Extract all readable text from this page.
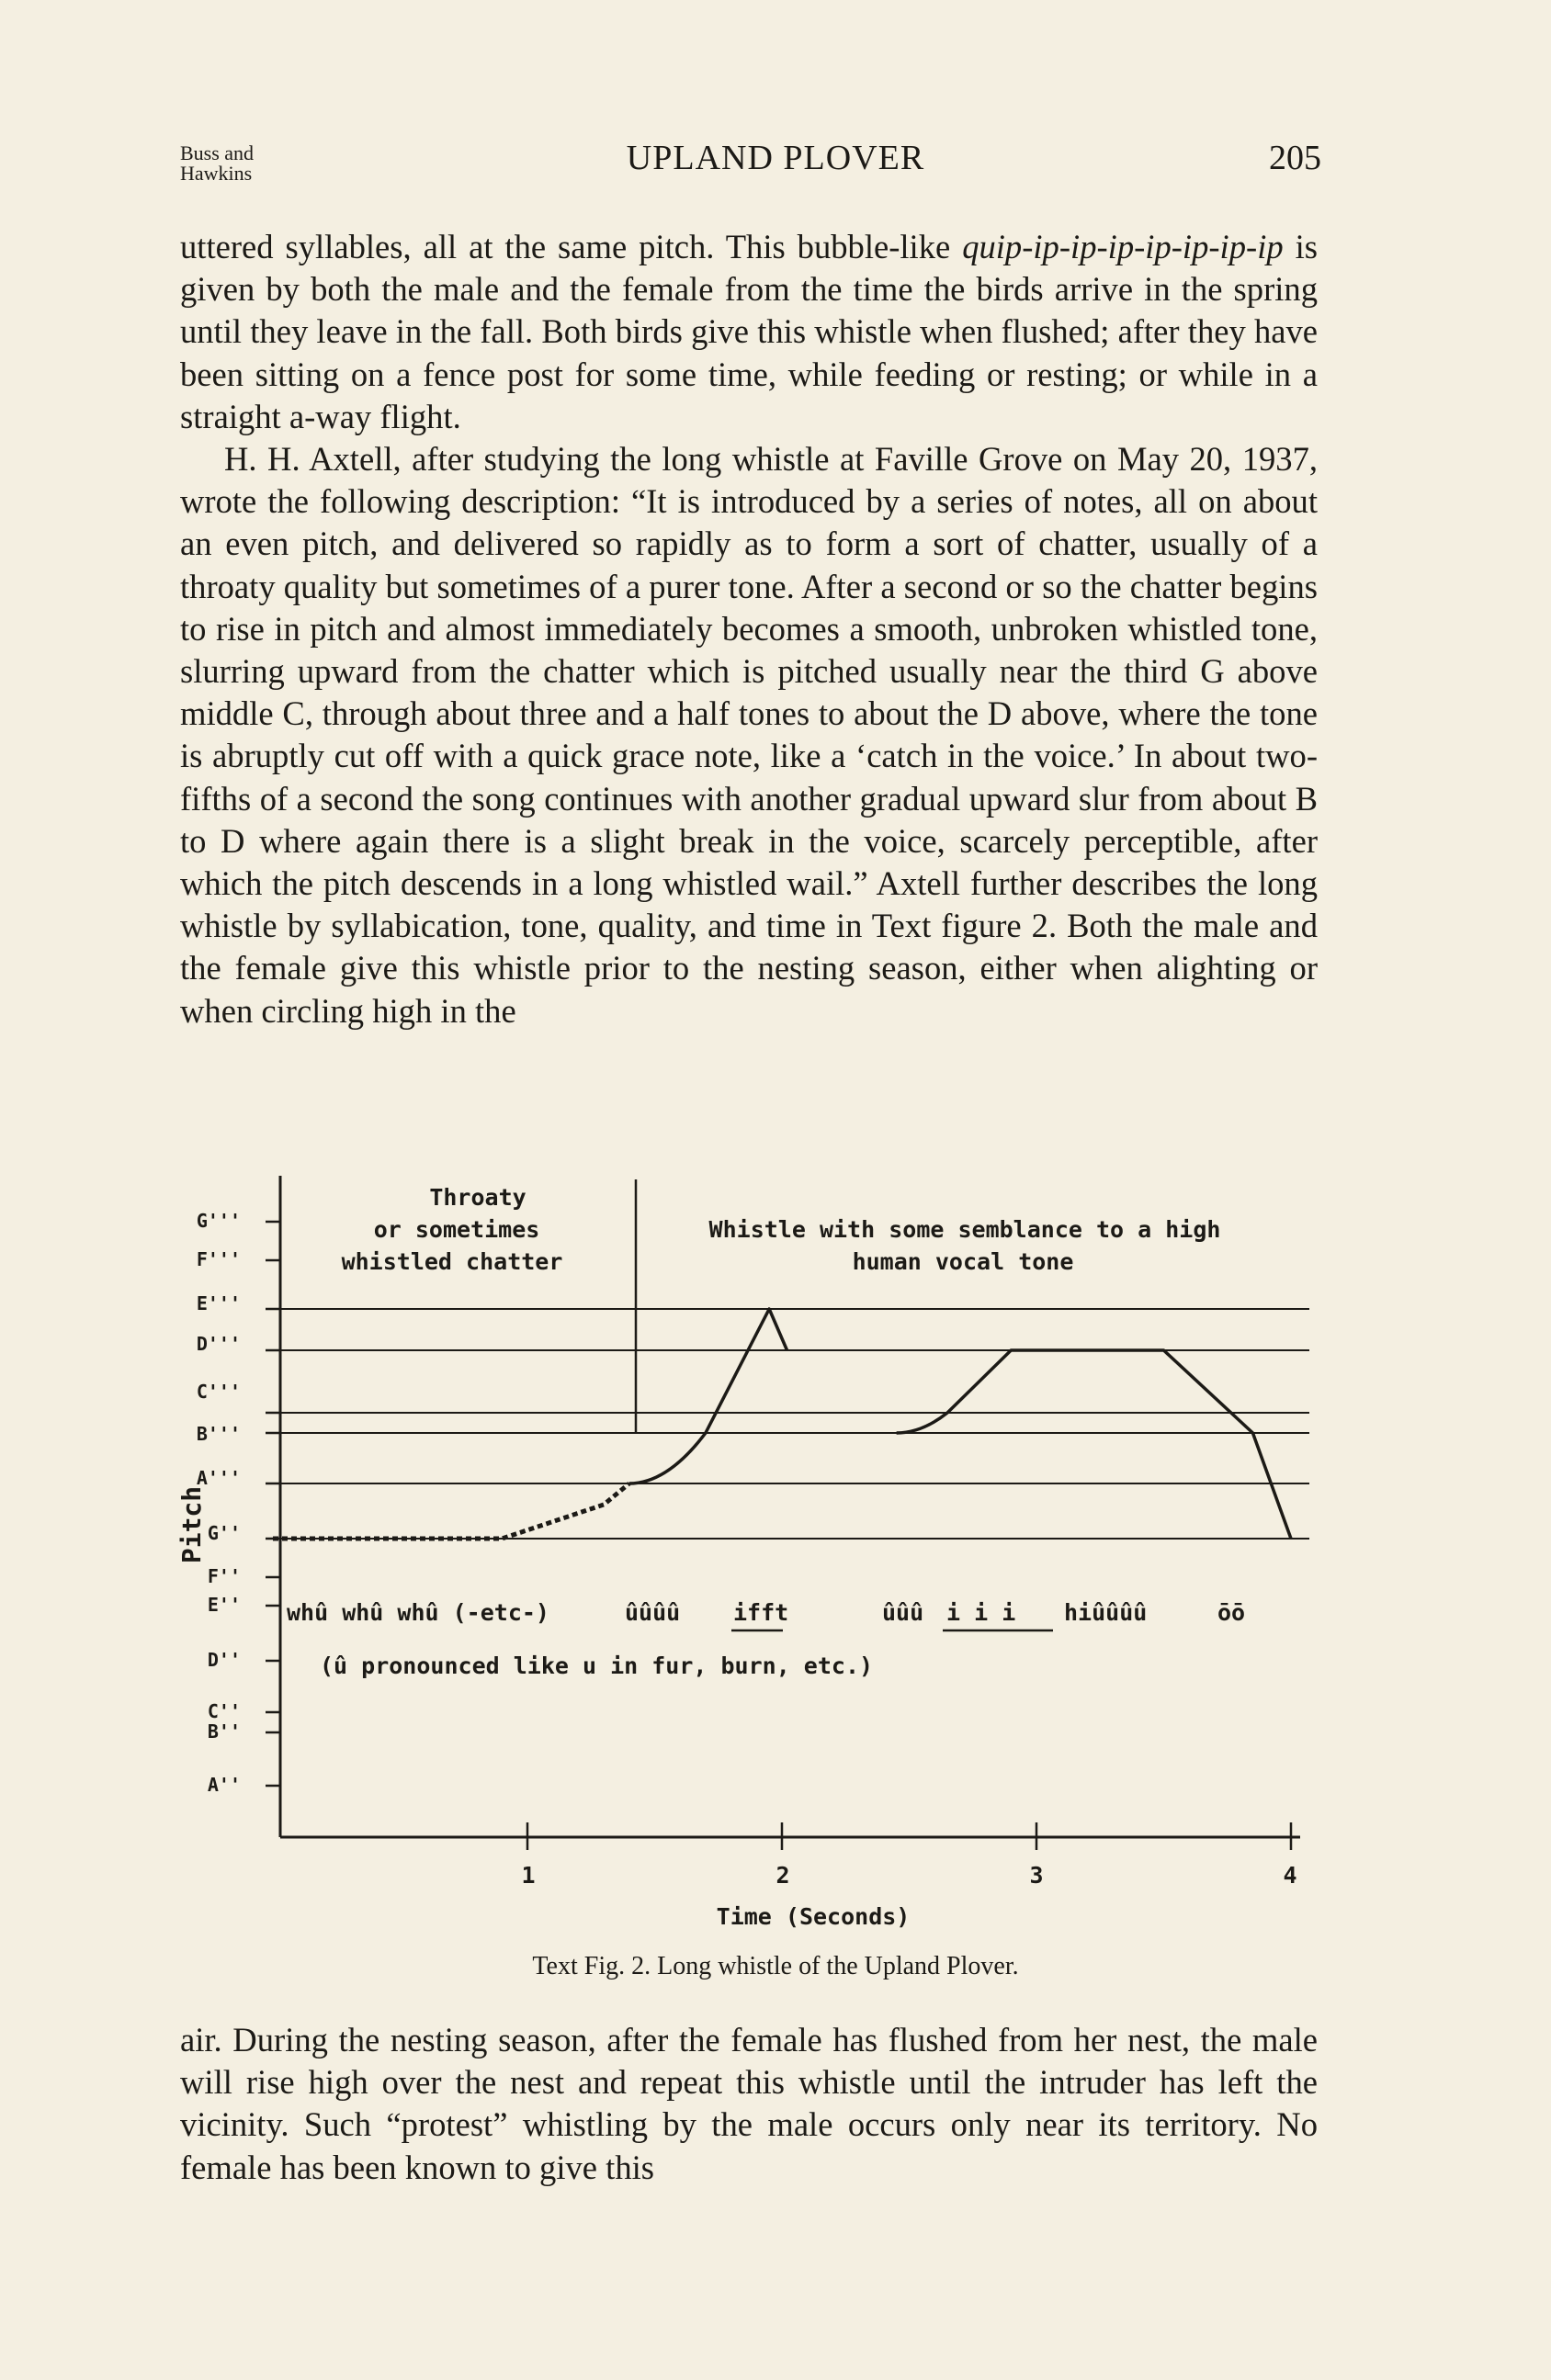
Buss and
Hawkins	UPLAND PLOVER	205

uttered syllables, all at the same pitch. This bubble-like quip-ip-ip-ip-ip-ip-ip-ip is given by both the male and the female from the time the birds arrive in the spring until they leave in the fall. Both birds give this whistle when flushed; after they have been sitting on a fence post for some time, while feeding or resting; or while in a straight a-way flight.

H. H. Axtell, after studying the long whistle at Faville Grove on May 20, 1937, wrote the following description: “It is introduced by a series of notes, all on about an even pitch, and delivered so rapidly as to form a sort of chatter, usually of a throaty quality but sometimes of a purer tone. After a second or so the chatter begins to rise in pitch and almost immediately becomes a smooth, unbroken whistled tone, slurring upward from the chatter which is pitched usually near the third G above middle C, through about three and a half tones to about the D above, where the tone is abruptly cut off with a quick grace note, like a ‘catch in the voice.’ In about two-fifths of a second the song continues with another gradual upward slur from about B to D where again there is a slight break in the voice, scarcely perceptible, after which the pitch descends in a long whistled wail.” Axtell further describes the long whistle by syllabication, tone, quality, and time in Text figure 2. Both the male and the female give this whistle prior to the nesting season, either when alighting or when circling high in the

G'''
F'''
E'''
D'''
C'''
B'''
A'''
G''
F''
E''
D''
C''
B''
A''
Pitch
Throaty
or sometimes
whistled chatter
Whistle with some semblance to a high
human vocal tone
whû whû whû (-etc-)	ûûûû ifft	ûûû i i i hiûûûû	ōō
(û pronounced like u in fur, burn, etc.)
1	2	3	4
Time (Seconds)
Text Fig. 2. Long whistle of the Upland Plover.

air. During the nesting season, after the female has flushed from her nest, the male will rise high over the nest and repeat this whistle until the intruder has left the vicinity. Such “protest” whistling by the male occurs only near its territory. No female has been known to give this
